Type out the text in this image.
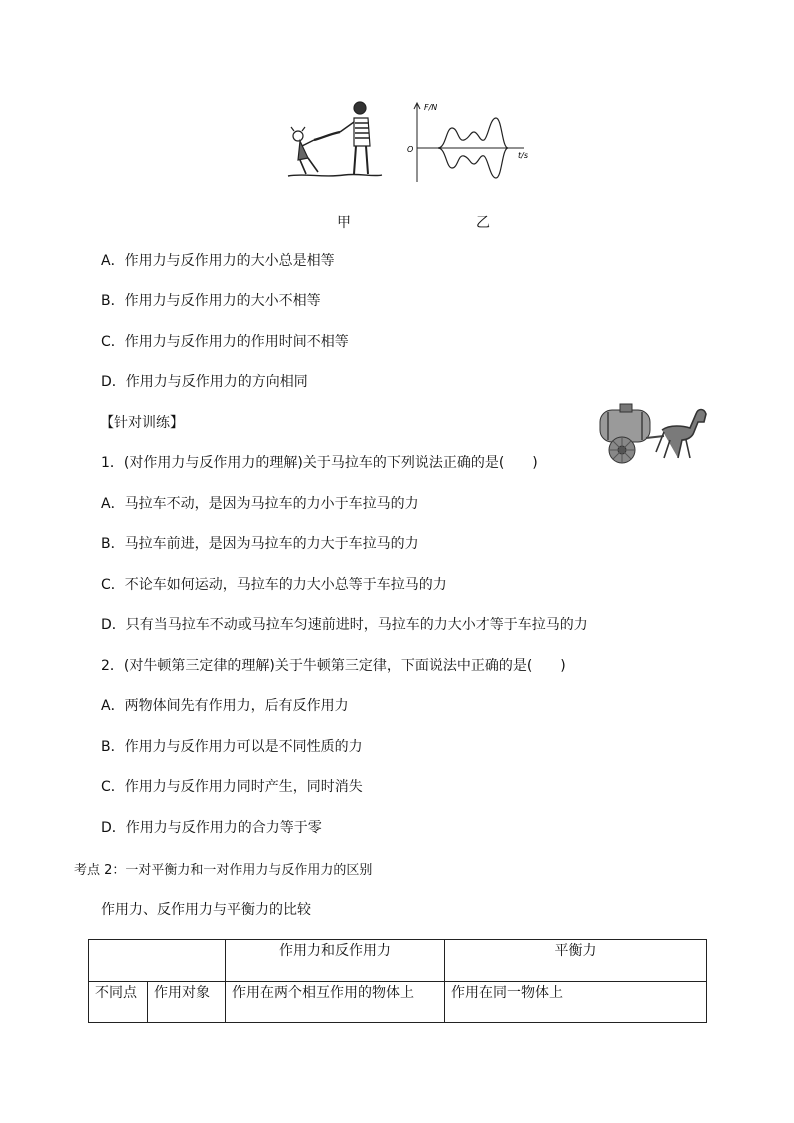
F/N
t/s
O
甲	乙
A．作用力与反作用力的大小总是相等
B．作用力与反作用力的大小不相等
C．作用力与反作用力的作用时间不相等
D．作用力与反作用力的方向相同
【针对训练】
1．(对作用力与反作用力的理解)关于马拉车的下列说法正确的是(　　)
A．马拉车不动，是因为马拉车的力小于车拉马的力
B．马拉车前进，是因为马拉车的力大于车拉马的力
C．不论车如何运动，马拉车的力大小总等于车拉马的力
D．只有当马拉车不动或马拉车匀速前进时，马拉车的力大小才等于车拉马的力
2．(对牛顿第三定律的理解)关于牛顿第三定律，下面说法中正确的是(　　)
A．两物体间先有作用力，后有反作用力
B．作用力与反作用力可以是不同性质的力
C．作用力与反作用力同时产生，同时消失
D．作用力与反作用力的合力等于零
考点 2：一对平衡力和一对作用力与反作用力的区别
作用力、反作用力与平衡力的比较
		作用力和反作用力	平衡力
不同点	作用对象	作用在两个相互作用的物体上	作用在同一物体上
